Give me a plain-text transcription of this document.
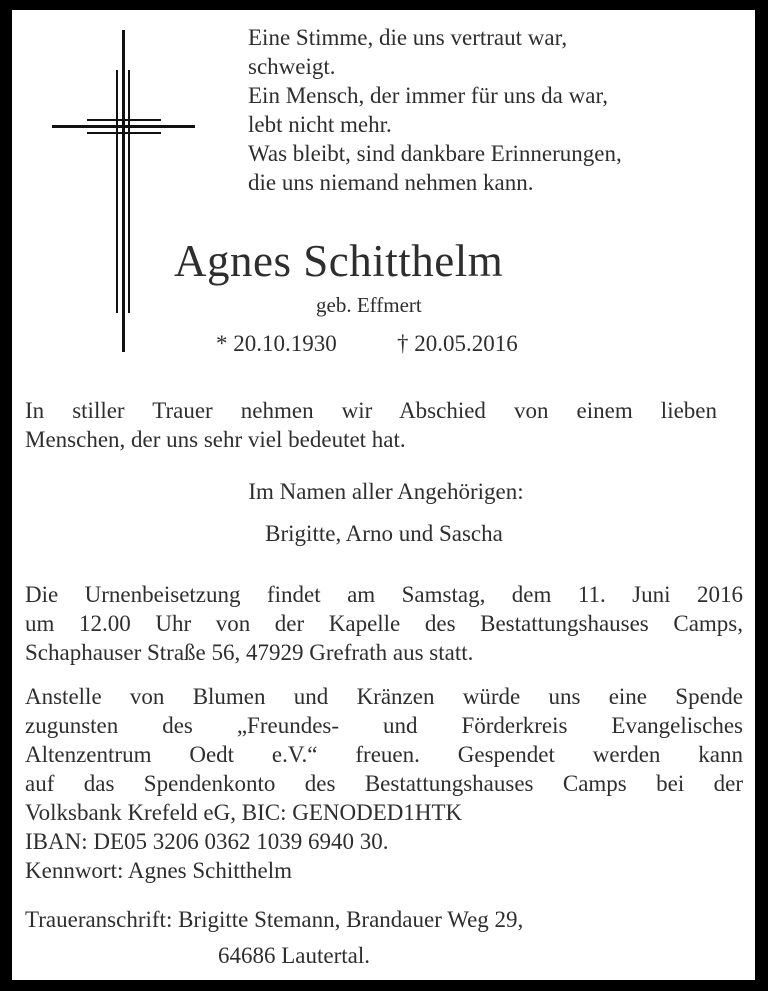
Eine Stimme, die uns vertraut war,
schweigt.
Ein Mensch, der immer für uns da war,
lebt nicht mehr.
Was bleibt, sind dankbare Erinnerungen,
die uns niemand nehmen kann.
Agnes Schitthelm
geb. Effmert
* 20.10.1930	† 20.05.2016
In stiller Trauer nehmen wir Abschied von einem lieben
Menschen, der uns sehr viel bedeutet hat.
Im Namen aller Angehörigen:
Brigitte, Arno und Sascha
Die Urnenbeisetzung findet am Samstag, dem 11. Juni 2016
um 12.00 Uhr von der Kapelle des Bestattungshauses Camps,
Schaphauser Straße 56, 47929 Grefrath aus statt.
Anstelle von Blumen und Kränzen würde uns eine Spende
zugunsten des „Freundes- und Förderkreis Evangelisches
Altenzentrum Oedt e.V.“ freuen. Gespendet werden kann
auf das Spendenkonto des Bestattungshauses Camps bei der
Volksbank Krefeld eG, BIC: GENODED1HTK
IBAN: DE05 3206 0362 1039 6940 30.
Kennwort: Agnes Schitthelm
Traueranschrift: Brigitte Stemann, Brandauer Weg 29,
64686 Lautertal.
